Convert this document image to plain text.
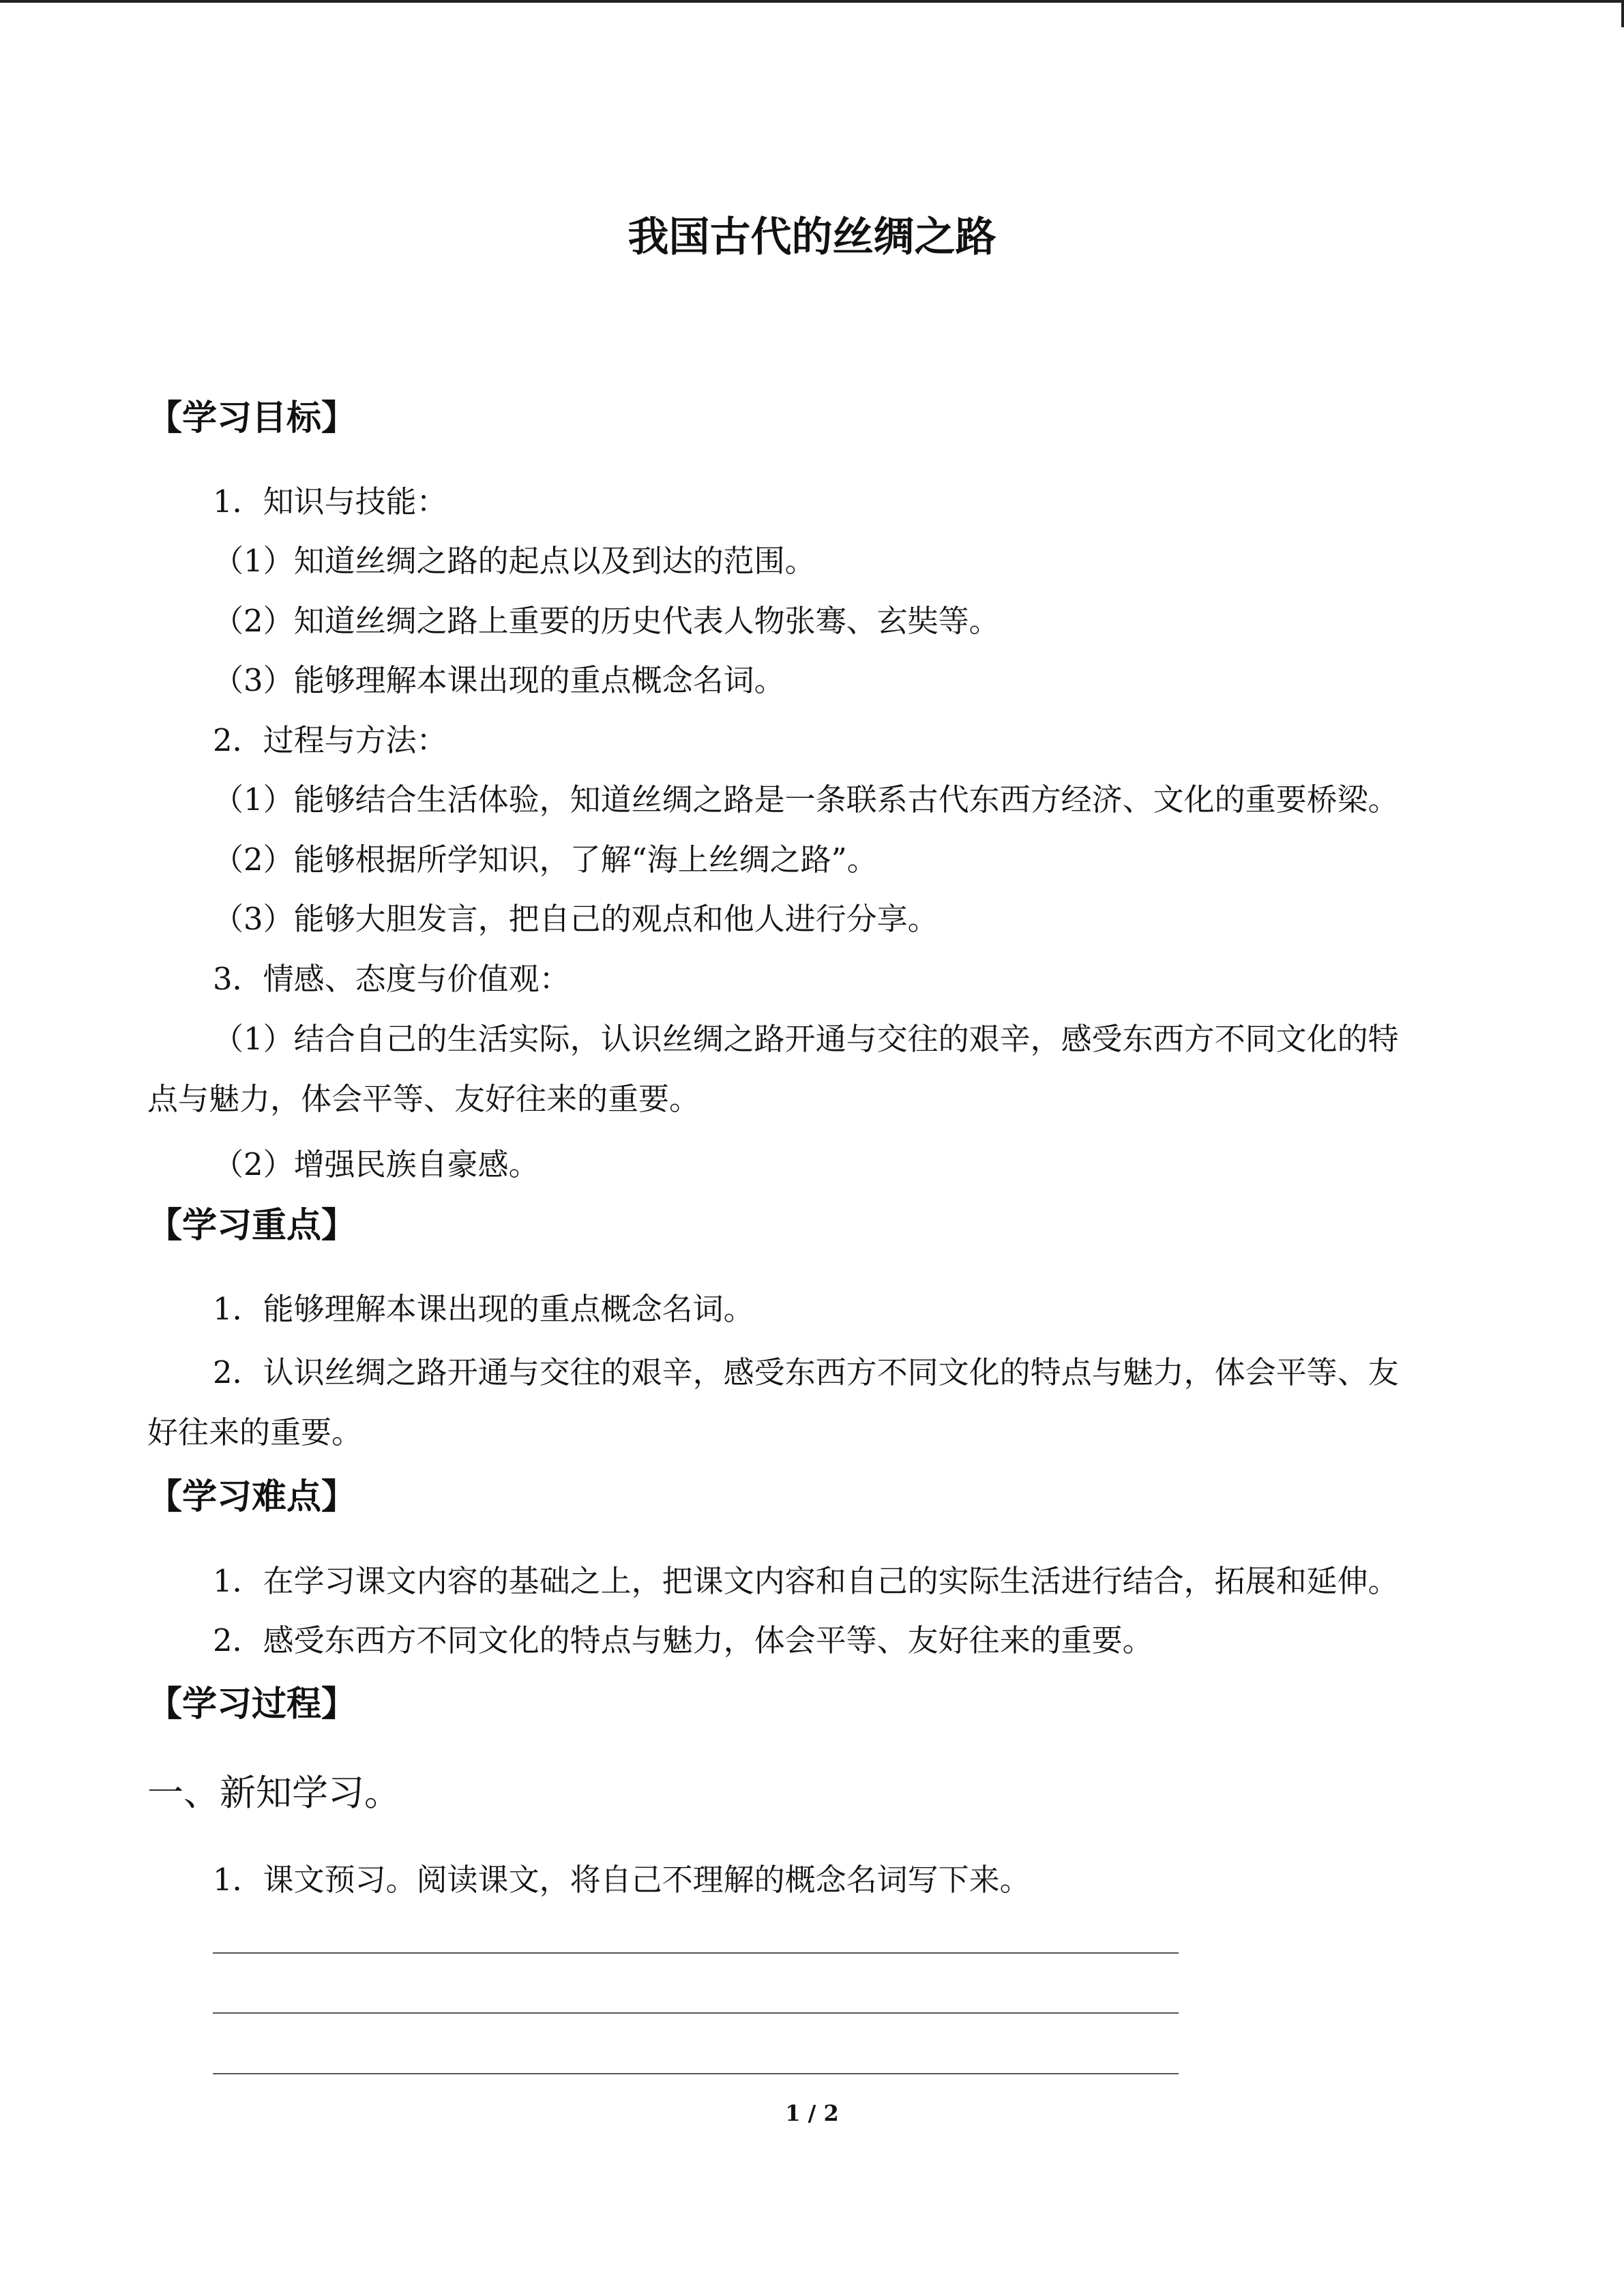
我国古代的丝绸之路
【学习目标】
1．知识与技能：
（1）知道丝绸之路的起点以及到达的范围。
（2）知道丝绸之路上重要的历史代表人物张骞、玄奘等。
（3）能够理解本课出现的重点概念名词。
2．过程与方法：
（1）能够结合生活体验，知道丝绸之路是一条联系古代东西方经济、文化的重要桥梁。
（2）能够根据所学知识，了解“海上丝绸之路”。
（3）能够大胆发言，把自己的观点和他人进行分享。
3．情感、态度与价值观：
（1）结合自己的生活实际，认识丝绸之路开通与交往的艰辛，感受东西方不同文化的特
点与魅力，体会平等、友好往来的重要。
（2）增强民族自豪感。
【学习重点】
1．能够理解本课出现的重点概念名词。
2．认识丝绸之路开通与交往的艰辛，感受东西方不同文化的特点与魅力，体会平等、友
好往来的重要。
【学习难点】
1．在学习课文内容的基础之上，把课文内容和自己的实际生活进行结合，拓展和延伸。
2．感受东西方不同文化的特点与魅力，体会平等、友好往来的重要。
【学习过程】
一、新知学习。
1．课文预习。阅读课文，将自己不理解的概念名词写下来。
1 / 2
